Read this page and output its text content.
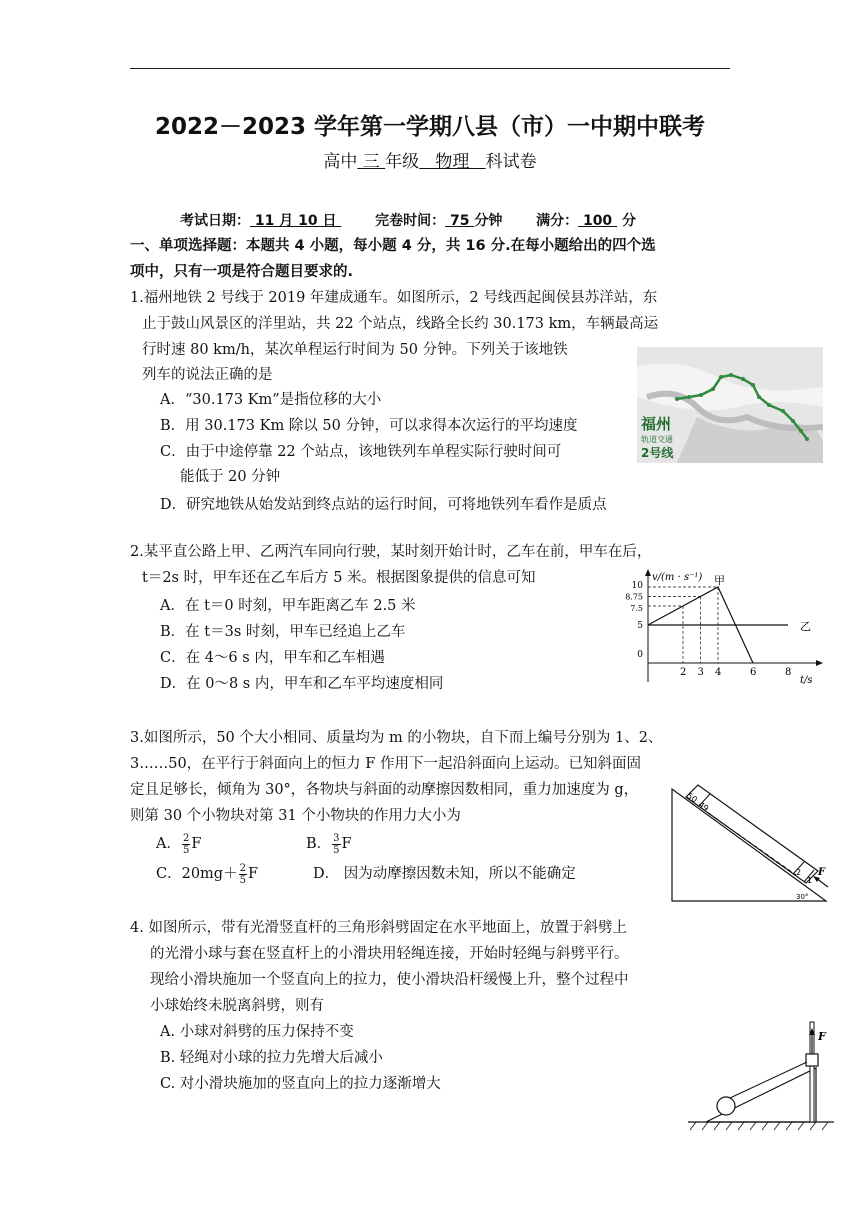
2022－2023 学年第一学期八县（市）一中期中联考
高中 三 年级   物理   科试卷
考试日期： 11 月 10 日   完卷时间： 75 分钟 满分： 100  分
一、单项选择题：本题共 4 小题，每小题 4 分，共 16 分.在每小题给出的四个选
项中，只有一项是符合题目要求的.
1.福州地铁 2 号线于 2019 年建成通车。如图所示，2 号线西起闽侯县苏洋站，东
止于鼓山风景区的洋里站，共 22 个站点，线路全长约 30.173 km，车辆最高运
行时速 80 km/h，某次单程运行时间为 50 分钟。下列关于该地铁
列车的说法正确的是
A．“30.173 Km”是指位移的大小
B．用 30.173 Km 除以 50 分钟，可以求得本次运行的平均速度
C．由于中途停靠 22 个站点，该地铁列车单程实际行驶时间可
能低于 20 分钟
D．研究地铁从始发站到终点站的运行时间，可将地铁列车看作是质点
福州
轨道交通
2号线
2.某平直公路上甲、乙两汽车同向行驶，某时刻开始计时，乙车在前，甲车在后，
t＝2s 时，甲车还在乙车后方 5 米。根据图象提供的信息可知
A．在 t＝0 时刻，甲车距离乙车 2.5 米
B．在 t＝3s 时刻，甲车已经追上乙车
C．在 4～6 s 内，甲车和乙车相遇
D．在 0～8 s 内，甲车和乙车平均速度相同
v/(m · s⁻¹)
t/s
甲
乙
2 3 4	6	8
10
8.75
7.5
5
0
3.如图所示，50 个大小相同、质量均为 m 的小物块，自下而上编号分别为 1、2、
3……50，在平行于斜面向上的恒力 F 作用下一起沿斜面向上运动。已知斜面固
定且足够长，倾角为 30°，各物块与斜面的动摩擦因数相同，重力加速度为 g，
则第 30 个小物块对第 31 个小物块的作用力大小为
A． $\frac{2}{5}$ F	B． $\frac{3}{5}$ F
C．$20mg+ \frac{2}{5}$ F	D． 因为动摩擦因数未知，所以不能确定
50
49
2
1
F
30°
4. 如图所示，带有光滑竖直杆的三角形斜劈固定在水平地面上，放置于斜劈上
的光滑小球与套在竖直杆上的小滑块用轻绳连接，开始时轻绳与斜劈平行。
现给小滑块施加一个竖直向上的拉力，使小滑块沿杆缓慢上升，整个过程中
小球始终未脱离斜劈，则有
A. 小球对斜劈的压力保持不变
B. 轻绳对小球的拉力先增大后减小
C. 对小滑块施加的竖直向上的拉力逐渐增大
F
